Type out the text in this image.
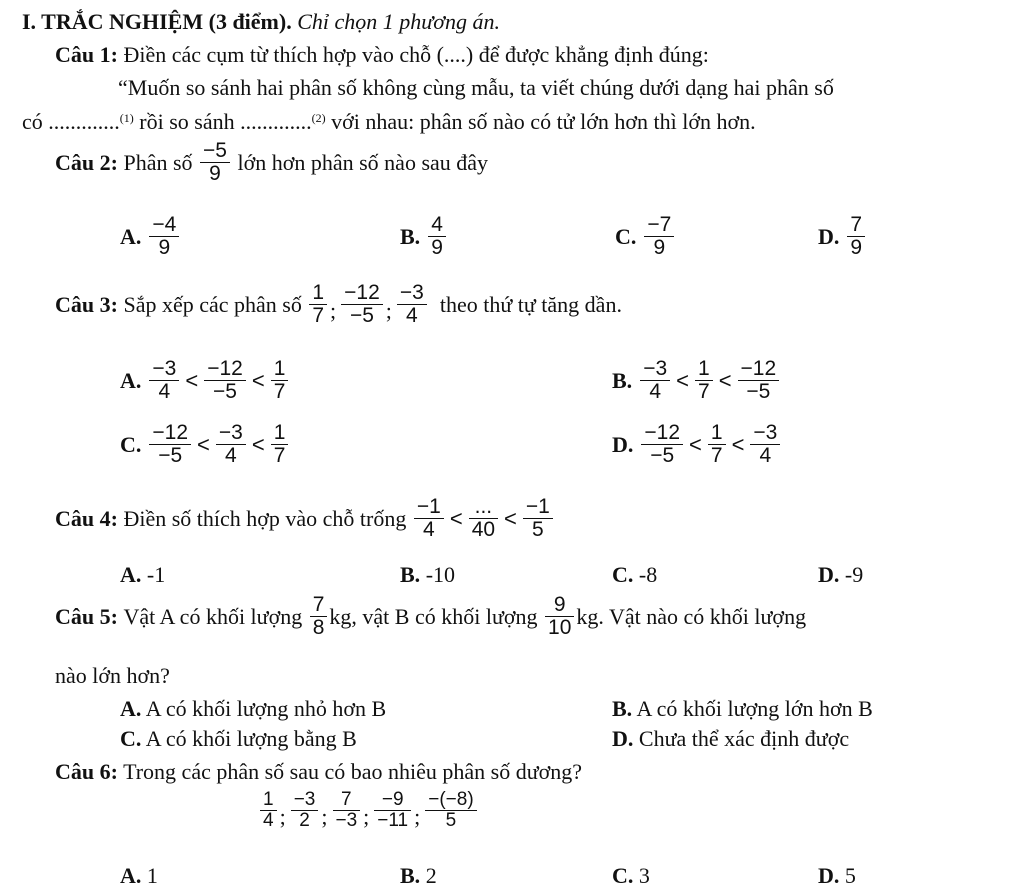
I. TRẮC NGHIỆM (3 điểm). Chỉ chọn 1 phương án.
Câu 1: Điền các cụm từ thích hợp vào chỗ (....) để được khẳng định đúng:
“Muốn so sánh hai phân số không cùng mẫu, ta viết chúng dưới dạng hai phân số
có .............$^{(1)}$ rồi so sánh .............$^{(2)}$ với nhau: phân số nào có tử lớn hơn thì lớn hơn.
Câu 2:
Phân số
$\frac{-5}{9}$
lớn hơn phân số nào sau đây
A. $\frac{-4}{9}$	B. $\frac{4}{9}$	C. $\frac{-7}{9}$	D. $\frac{7}{9}$
Câu 3:
Sắp xếp các phân số
$\frac{1}{7}$ ; $\frac{-12}{-5}$ ; $\frac{-3}{4}$
theo thứ tự tăng dần.
A. $\frac{-3}{4} < \frac{-12}{-5} < \frac{1}{7}$	B. $\frac{-3}{4} < \frac{1}{7} < \frac{-12}{-5}$
C. $\frac{-12}{-5} < \frac{-3}{4} < \frac{1}{7}$	D. $\frac{-12}{-5} < \frac{1}{7} < \frac{-3}{4}$
Câu 4:
Điền số thích hợp vào chỗ trống
$\frac{-1}{4} < \frac{...}{40} < \frac{-1}{5}$
A. -1	B. -10	C. -8	D. -9
Câu 5:
Vật A có khối lượng
$\frac{7}{8}$ kg , vật B có khối lượng
$\frac{9}{10}$ kg . Vật nào có khối lượng
nào lớn hơn?
A. A có khối lượng nhỏ hơn B	B. A có khối lượng lớn hơn B
C. A có khối lượng bằng B	D. Chưa thể xác định được
Câu 6: Trong các phân số sau có bao nhiêu phân số dương?
$\frac{1}{4}$ ; $\frac{-3}{2}$ ; $\frac{7}{-3}$ ; $\frac{-9}{-11}$ ; $\frac{-(-8)}{5}$
A. 1	B. 2	C. 3	D. 5
